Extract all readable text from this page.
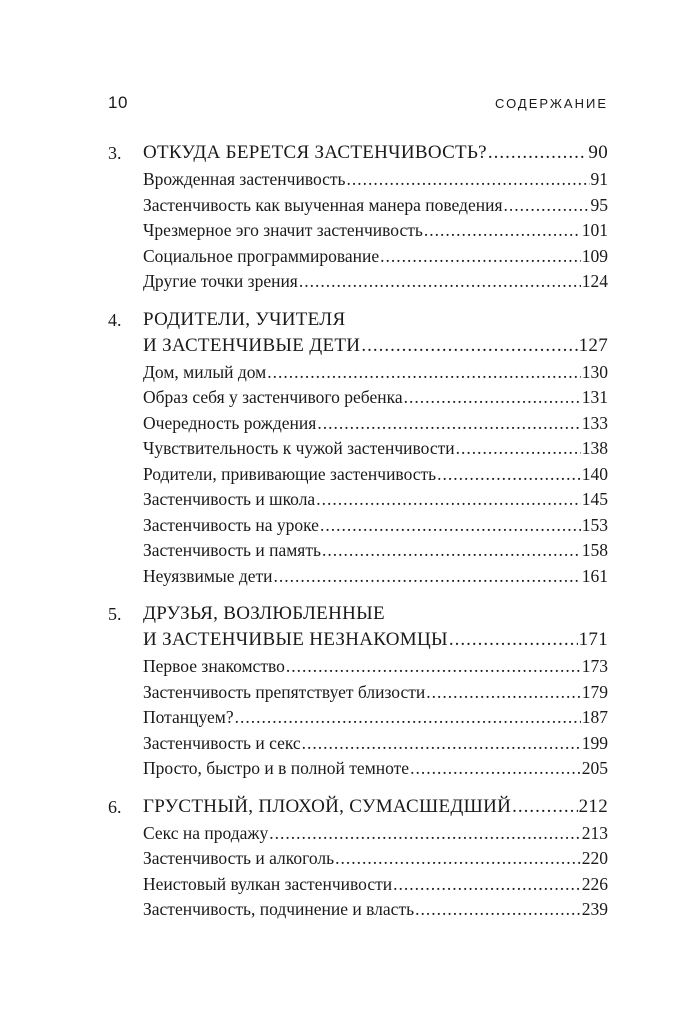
10	СОДЕРЖАНИЕ
3. ОТКУДА БЕРЕТСЯ ЗАСТЕНЧИВОСТЬ? .....	90
Врожденная застенчивость .....	91
Застенчивость как выученная манера поведения .....	95
Чрезмерное эго значит застенчивость .....	101
Социальное программирование .....	109
Другие точки зрения .....	124
4. РОДИТЕЛИ, УЧИТЕЛЯ
И ЗАСТЕНЧИВЫЕ ДЕТИ .....	127
Дом, милый дом .....	130
Образ себя у застенчивого ребенка .....	131
Очередность рождения .....	133
Чувствительность к чужой застенчивости .....	138
Родители, прививающие застенчивость .....	140
Застенчивость и школа .....	145
Застенчивость на уроке .....	153
Застенчивость и память .....	158
Неуязвимые дети .....	161
5. ДРУЗЬЯ, ВОЗЛЮБЛЕННЫЕ
И ЗАСТЕНЧИВЫЕ НЕЗНАКОМЦЫ .....	171
Первое знакомство .....	173
Застенчивость препятствует близости .....	179
Потанцуем? .....	187
Застенчивость и секс .....	199
Просто, быстро и в полной темноте .....	205
6. ГРУСТНЫЙ, ПЛОХОЙ, СУМАСШЕДШИЙ .....	212
Секс на продажу .....	213
Застенчивость и алкоголь .....	220
Неистовый вулкан застенчивости .....	226
Застенчивость, подчинение и власть .....	239
